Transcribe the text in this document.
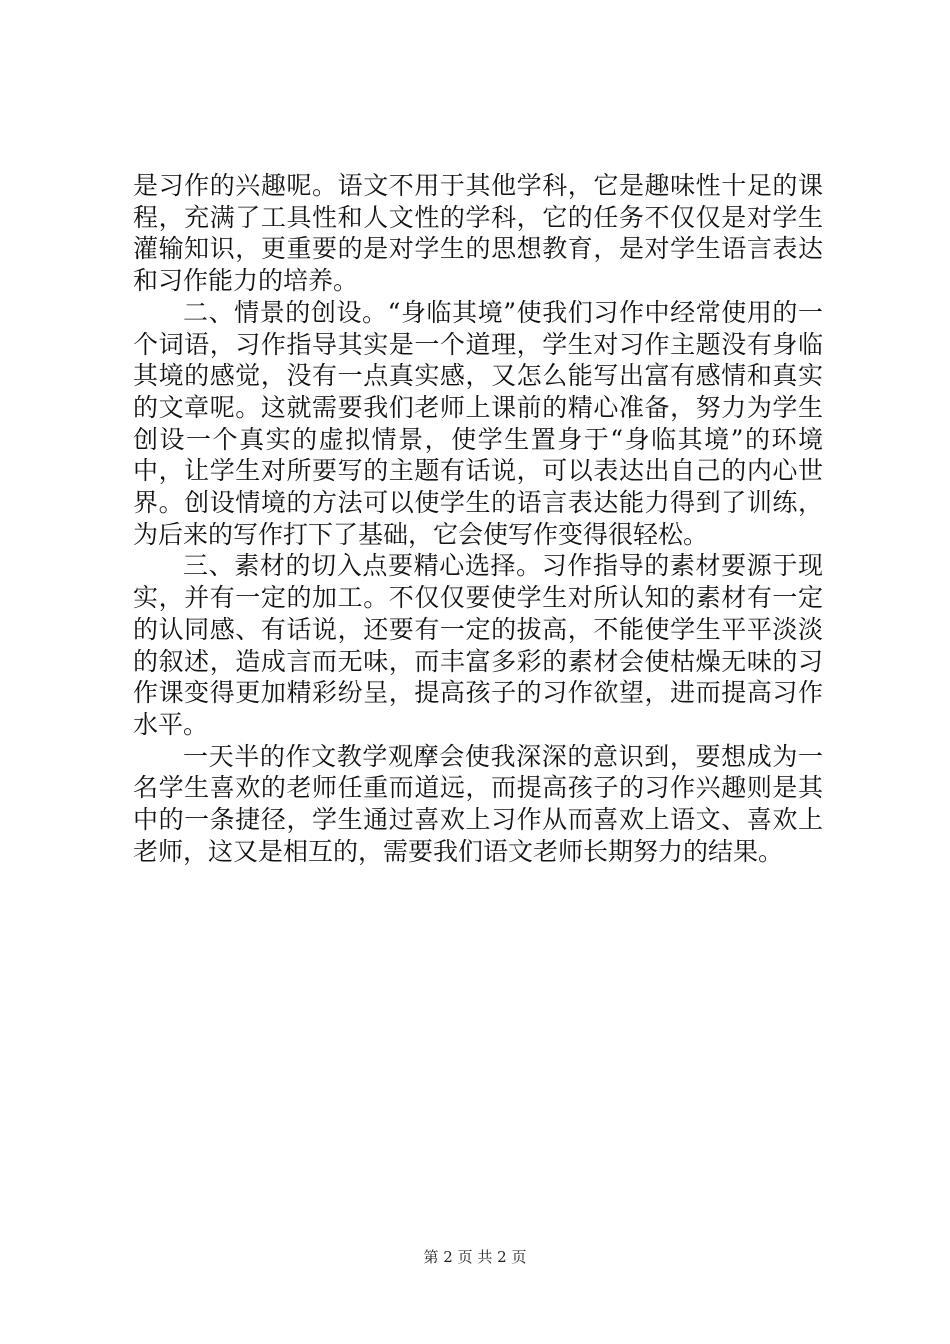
是习作的兴趣呢。语文不用于其他学科，它是趣味性十足的课程，充满了工具性和人文性的学科，它的任务不仅仅是对学生灌输知识，更重要的是对学生的思想教育，是对学生语言表达和习作能力的培养。

二、情景的创设。“身临其境”使我们习作中经常使用的一个词语，习作指导其实是一个道理，学生对习作主题没有身临其境的感觉，没有一点真实感，又怎么能写出富有感情和真实的文章呢。这就需要我们老师上课前的精心准备，努力为学生创设一个真实的虚拟情景，使学生置身于“身临其境”的环境中，让学生对所要写的主题有话说，可以表达出自己的内心世界。创设情境的方法可以使学生的语言表达能力得到了训练，为后来的写作打下了基础，它会使写作变得很轻松。

三、素材的切入点要精心选择。习作指导的素材要源于现实，并有一定的加工。不仅仅要使学生对所认知的素材有一定的认同感、有话说，还要有一定的拔高，不能使学生平平淡淡的叙述，造成言而无味，而丰富多彩的素材会使枯燥无味的习作课变得更加精彩纷呈，提高孩子的习作欲望，进而提高习作水平。

一天半的作文教学观摩会使我深深的意识到，要想成为一名学生喜欢的老师任重而道远，而提高孩子的习作兴趣则是其中的一条捷径，学生通过喜欢上习作从而喜欢上语文、喜欢上老师，这又是相互的，需要我们语文老师长期努力的结果。

第 2 页 共 2 页
